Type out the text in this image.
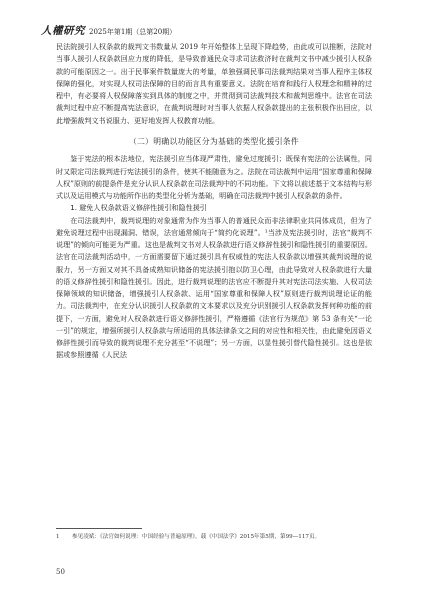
人權研究 2025年第1期（总第20期）

民法院援引人权条款的裁判文书数量从 2019 年开始整体上呈现下降趋势，由此或可以推断，法院对当事人援引人权条款回应力度的降低，是导致普通民众寻求司法救济时在裁判文书中减少援引人权条款的可能原因之一。出于民事案件数量庞大的考量，单独强调民事司法裁判结果对当事人程序主体权保障的强化，对实现人权司法保障的目的而言具有重要意义。法院在培育和践行人权理念和精神的过程中，有必要将人权保障落实到具体的制度之中，并贯彻到司法裁判技术和裁判思维中。法官在司法裁判过程中应不断提高宪法意识，在裁判说理时对当事人依据人权条款提出的主张积极作出回应，以此增强裁判文书说服力、更好地发挥人权教育功能。

（二）明确以功能区分为基础的类型化援引条件

鉴于宪法的根本法地位，宪法援引应当体现严肃性，避免过度援引；既保有宪法的公法属性，同时又限定司法裁判进行宪法援引的条件，使其不能随意为之。法院在司法裁判中运用“国家尊重和保障人权”原则的前提条件是充分认识人权条款在司法裁判中的不同功能。下文将以前述基于文本结构与形式以及运用模式与功能所作出的类型化分析为基础，明确在司法裁判中援引人权条款的条件。

1. 避免人权条款语义修辞性援引和隐性援引

在司法裁判中，裁判说理的对象通常为作为当事人的普通民众而非法律职业共同体成员，但为了避免说理过程中出现漏洞、错误，法官通常倾向于“简约化说理”。¹当涉及宪法援引时，法官“裁判不说理”的倾向可能更为严重。这也是裁判文书对人权条款进行语义修辞性援引和隐性援引的重要原因。法官在司法裁判活动中，一方面需要留下通过援引具有权威性的宪法人权条款以增强其裁判说理的说服力，另一方面又对其不具备成熟知识储备的宪法援引抱以防卫心理，由此导致对人权条款进行大量的语义修辞性援引和隐性援引。因此，进行裁判说理的法官应不断提升其对宪法司法实施、人权司法保障领域的知识储备，增强援引人权条款、运用“国家尊重和保障人权”原则进行裁判说理论证的能力。司法裁判中，在充分认识援引人权条款的文本要求以及充分识别援引人权条款发挥何种功能的前提下，一方面，避免对人权条款进行语义修辞性援引，严格遵循《法官行为规范》第 53 条有关“一论一引”的规定，增强所援引人权条款与所适用的具体法律条文之间的对应性和相关性，由此避免因语义修辞性援引而导致的裁判说理不充分甚至“不说理”；另一方面，以显性援引替代隐性援引。这也是依据或参照遵循《人民法

1 参见凌斌：《法官如何说理：中国经验与普遍原理》，载《中国法学》2015年第5期，第99—117页。
50
